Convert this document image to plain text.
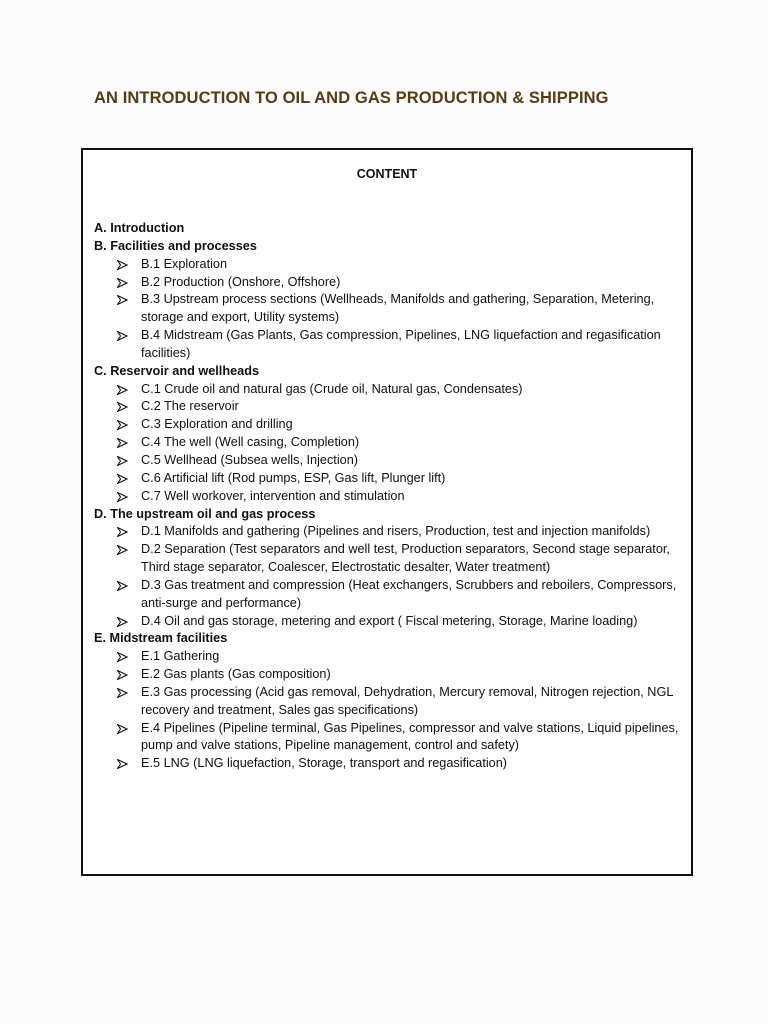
AN INTRODUCTION TO OIL AND GAS PRODUCTION & SHIPPING
CONTENT
A. Introduction
B. Facilities and processes
B.1 Exploration
B.2 Production (Onshore, Offshore)
B.3 Upstream process sections (Wellheads, Manifolds and gathering, Separation, Metering, storage and export, Utility systems)
B.4 Midstream (Gas Plants, Gas compression, Pipelines, LNG liquefaction and regasification facilities)
C. Reservoir and wellheads
C.1 Crude oil and natural gas (Crude oil, Natural gas, Condensates)
C.2 The reservoir
C.3 Exploration and drilling
C.4 The well (Well casing, Completion)
C.5 Wellhead (Subsea wells, Injection)
C.6 Artificial lift (Rod pumps, ESP, Gas lift, Plunger lift)
C.7 Well workover, intervention and stimulation
D. The upstream oil and gas process
D.1 Manifolds and gathering (Pipelines and risers, Production, test and injection manifolds)
D.2 Separation (Test separators and well test, Production separators, Second stage separator, Third stage separator, Coalescer, Electrostatic desalter, Water treatment)
D.3 Gas treatment and compression (Heat exchangers, Scrubbers and reboilers, Compressors, anti-surge and performance)
D.4 Oil and gas storage, metering and export ( Fiscal metering, Storage, Marine loading)
E. Midstream facilities
E.1 Gathering
E.2 Gas plants (Gas composition)
E.3 Gas processing (Acid gas removal, Dehydration, Mercury removal, Nitrogen rejection, NGL recovery and treatment, Sales gas specifications)
E.4 Pipelines (Pipeline terminal, Gas Pipelines, compressor and valve stations, Liquid pipelines, pump and valve stations, Pipeline management, control and safety)
E.5 LNG (LNG liquefaction, Storage, transport and regasification)
